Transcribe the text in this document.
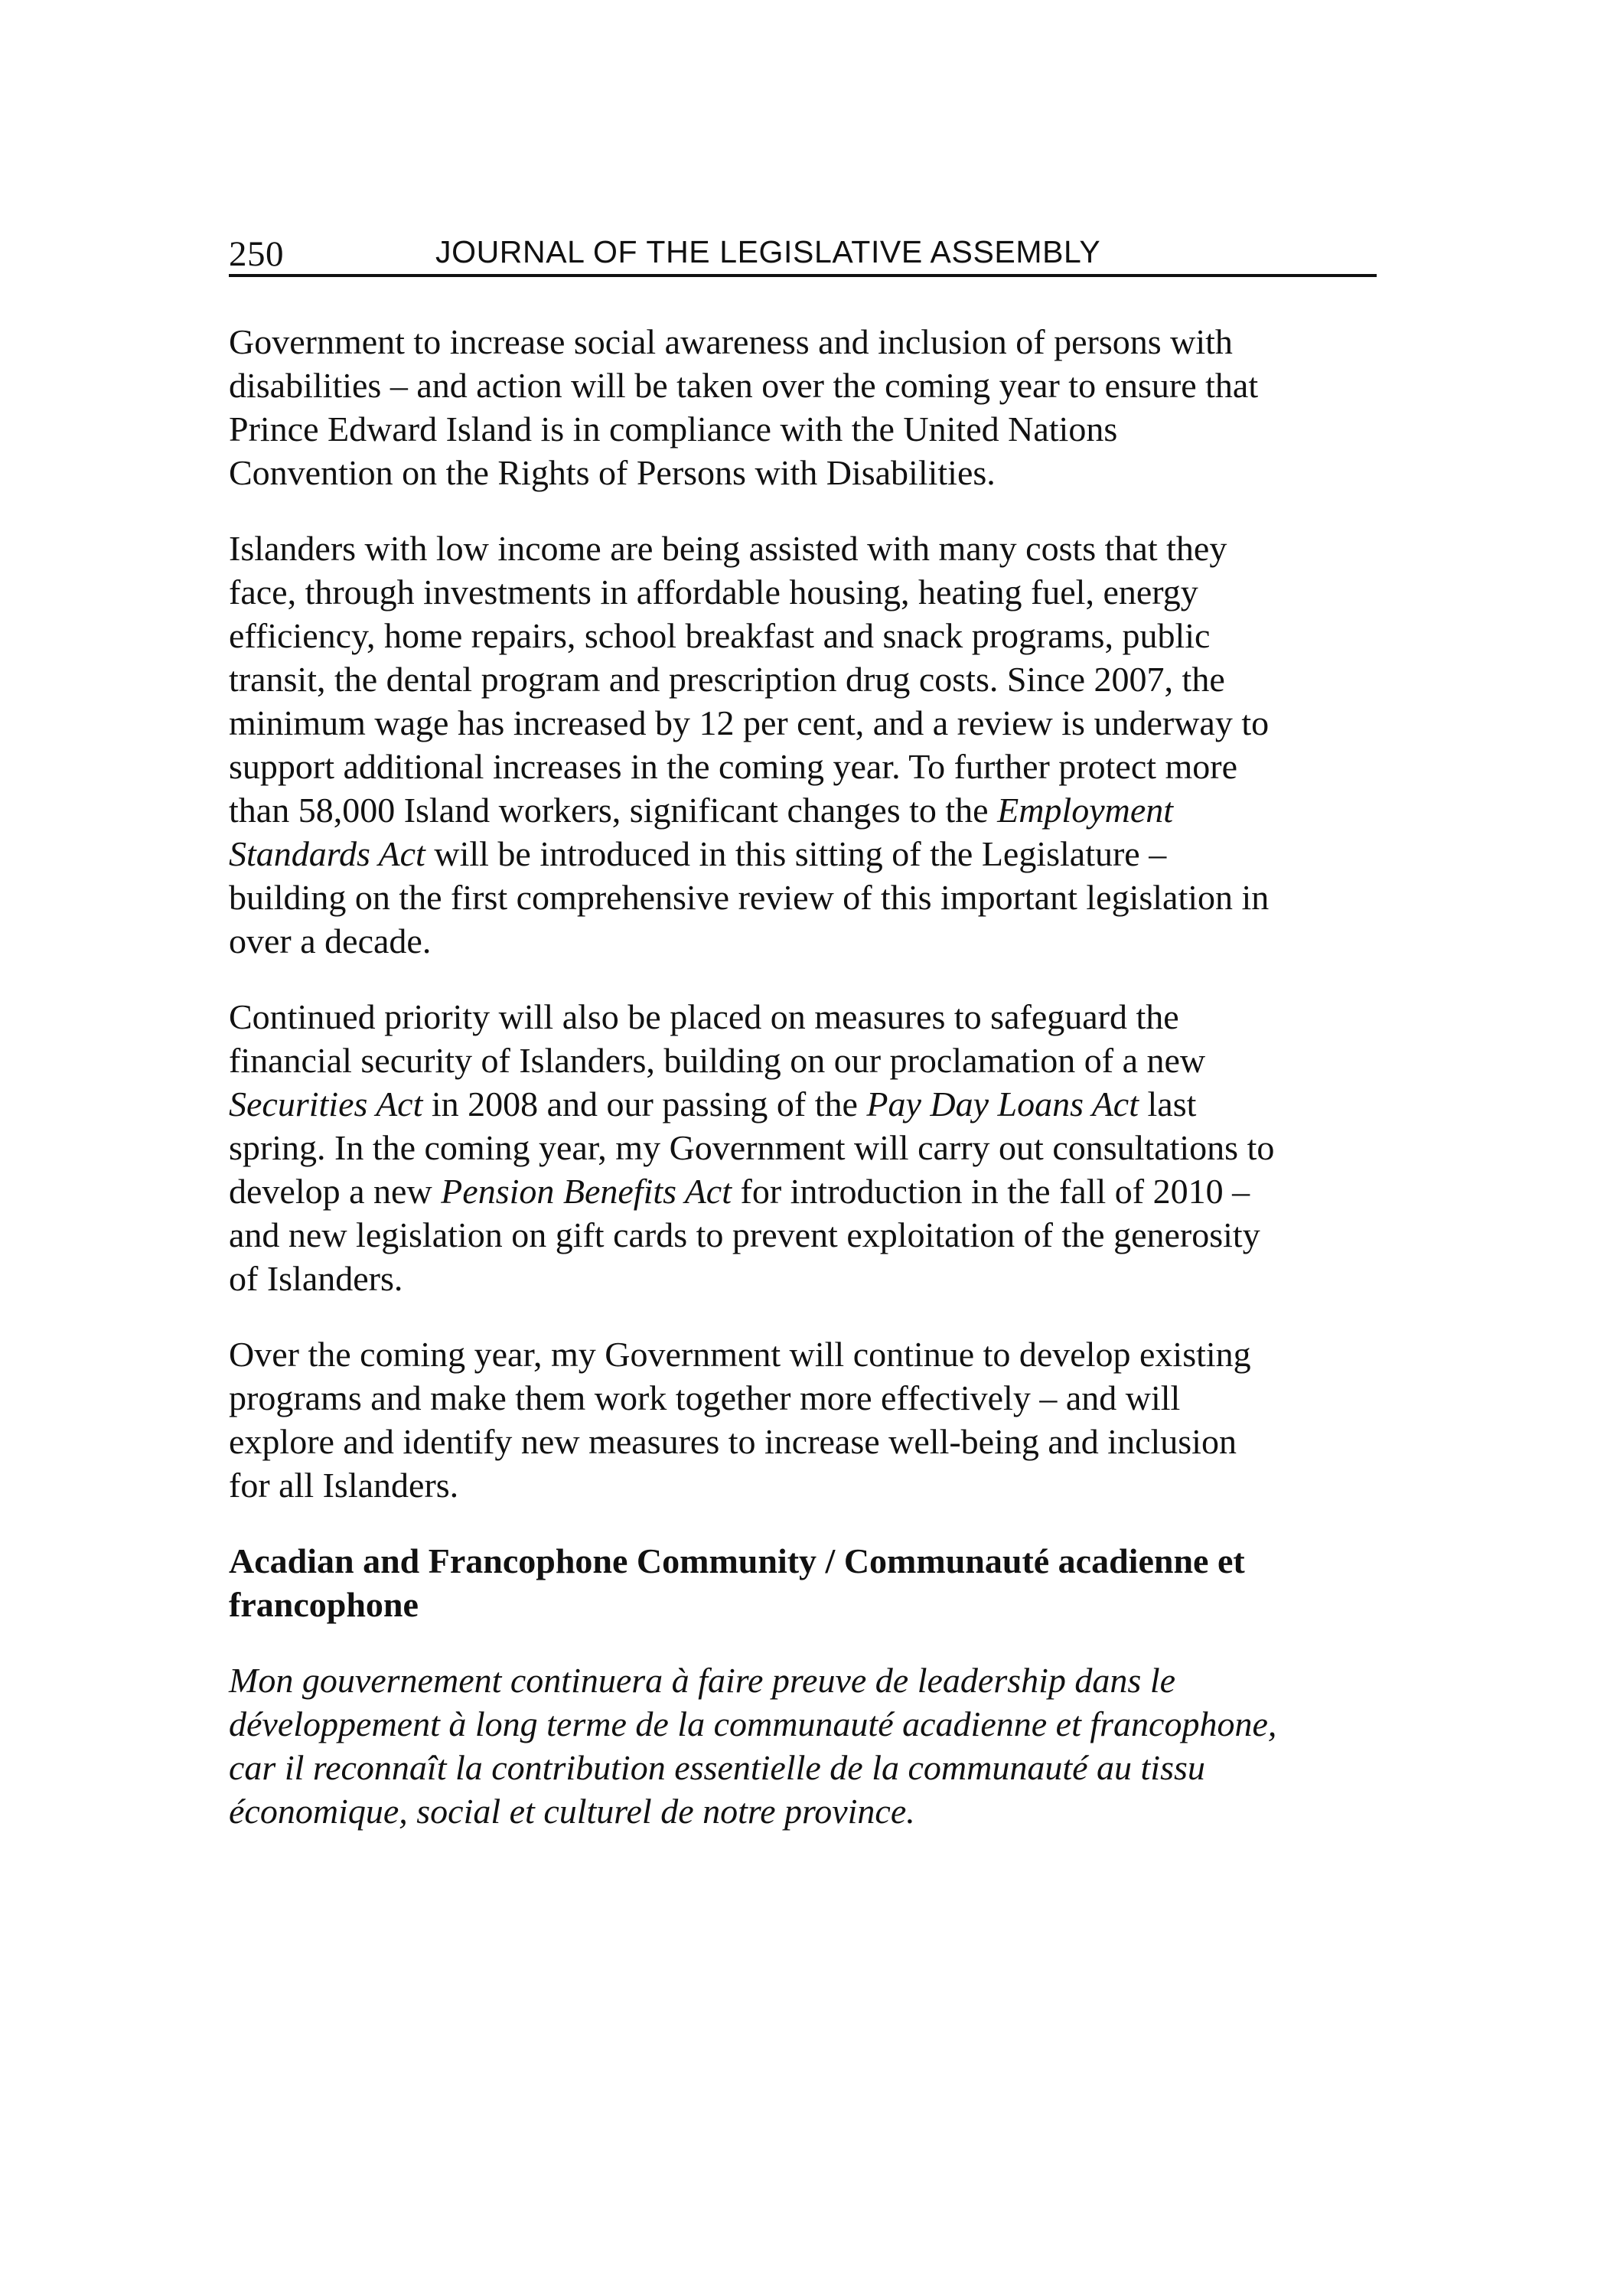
250	JOURNAL OF THE LEGISLATIVE ASSEMBLY

Government to increase social awareness and inclusion of persons with
disabilities – and action will be taken over the coming year to ensure that
Prince Edward Island is in compliance with the United Nations
Convention on the Rights of Persons with Disabilities.

Islanders with low income are being assisted with many costs that they
face, through investments in affordable housing, heating fuel, energy
efficiency, home repairs, school breakfast and snack programs, public
transit, the dental program and prescription drug costs. Since 2007, the
minimum wage has increased by 12 per cent, and a review is underway to
support additional increases in the coming year. To further protect more
than 58,000 Island workers, significant changes to the Employment
Standards Act will be introduced in this sitting of the Legislature –
building on the first comprehensive review of this important legislation in
over a decade.

Continued priority will also be placed on measures to safeguard the
financial security of Islanders, building on our proclamation of a new
Securities Act in 2008 and our passing of the Pay Day Loans Act last
spring. In the coming year, my Government will carry out consultations to
develop a new Pension Benefits Act for introduction in the fall of 2010 –
and new legislation on gift cards to prevent exploitation of the generosity
of Islanders.

Over the coming year, my Government will continue to develop existing
programs and make them work together more effectively – and will
explore and identify new measures to increase well-being and inclusion
for all Islanders.

Acadian and Francophone Community / Communauté acadienne et
francophone

Mon gouvernement continuera à faire preuve de leadership dans le
développement à long terme de la communauté acadienne et francophone,
car il reconnaît la contribution essentielle de la communauté au tissu
économique, social et culturel de notre province.
